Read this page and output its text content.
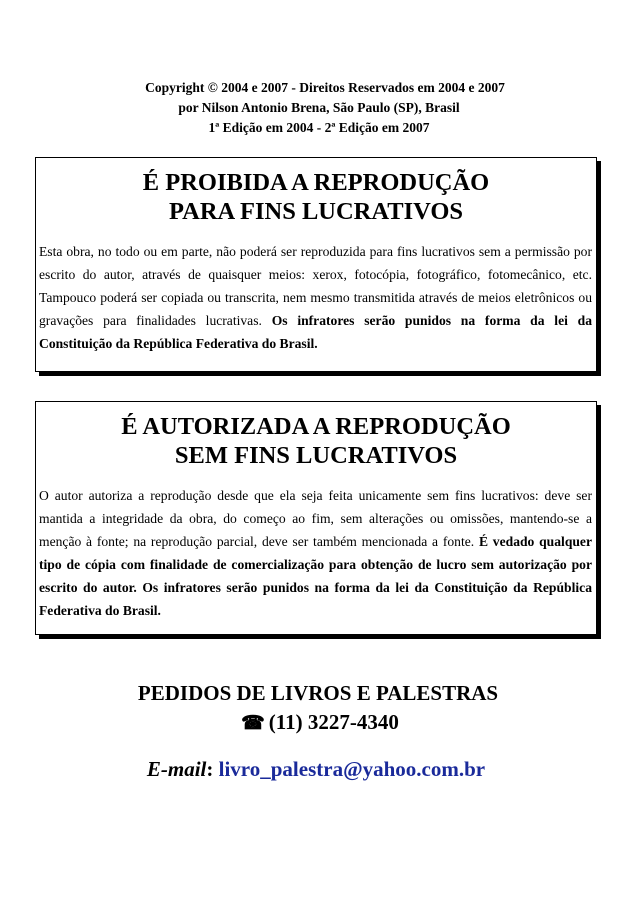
Copyright © 2004 e 2007 - Direitos Reservados em 2004 e 2007
por Nilson Antonio Brena, São Paulo (SP), Brasil
1ª Edição em 2004 - 2ª Edição em 2007
É PROIBIDA A REPRODUÇÃO
PARA FINS LUCRATIVOS
Esta obra, no todo ou em parte, não poderá ser reproduzida para fins lucrativos sem a permissão por escrito do autor, através de quaisquer meios: xerox, fotocópia, fotográfico, fotomecânico, etc. Tampouco poderá ser copiada ou transcrita, nem mesmo transmitida através de meios eletrônicos ou gravações para finalidades lucrativas. Os infratores serão punidos na forma da lei da Constituição da República Federativa do Brasil.
É AUTORIZADA A REPRODUÇÃO
SEM FINS LUCRATIVOS
O autor autoriza a reprodução desde que ela seja feita unicamente sem fins lucrativos: deve ser mantida a integridade da obra, do começo ao fim, sem alterações ou omissões, mantendo-se a menção à fonte; na reprodução parcial, deve ser também mencionada a fonte. É vedado qualquer tipo de cópia com finalidade de comercialização para obtenção de lucro sem autorização por escrito do autor. Os infratores serão punidos na forma da lei da Constituição da República Federativa do Brasil.
PEDIDOS DE LIVROS E PALESTRAS
☎ (11) 3227-4340
E-mail: livro_palestra@yahoo.com.br
